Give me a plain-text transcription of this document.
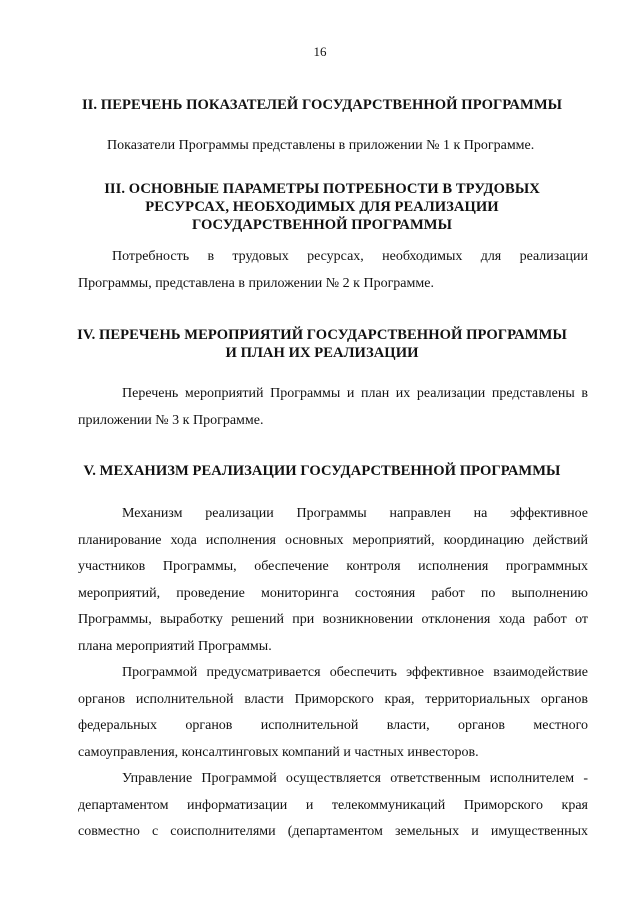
16
II. ПЕРЕЧЕНЬ ПОКАЗАТЕЛЕЙ ГОСУДАРСТВЕННОЙ ПРОГРАММЫ
Показатели Программы представлены в приложении № 1 к Программе.
III. ОСНОВНЫЕ ПАРАМЕТРЫ ПОТРЕБНОСТИ В ТРУДОВЫХ
РЕСУРСАХ, НЕОБХОДИМЫХ ДЛЯ РЕАЛИЗАЦИИ
ГОСУДАРСТВЕННОЙ ПРОГРАММЫ
Потребность в трудовых ресурсах, необходимых для реализации
Программы, представлена в приложении № 2 к Программе.
IV. ПЕРЕЧЕНЬ МЕРОПРИЯТИЙ ГОСУДАРСТВЕННОЙ ПРОГРАММЫ
И ПЛАН ИХ РЕАЛИЗАЦИИ
Перечень мероприятий Программы и план их реализации представлены в
приложении № 3 к Программе.
V. МЕХАНИЗМ РЕАЛИЗАЦИИ ГОСУДАРСТВЕННОЙ ПРОГРАММЫ
Механизм реализации Программы направлен на эффективное
планирование хода исполнения основных мероприятий, координацию действий
участников Программы, обеспечение контроля исполнения программных
мероприятий, проведение мониторинга состояния работ по выполнению
Программы, выработку решений при возникновении отклонения хода работ от
плана мероприятий Программы.
Программой предусматривается обеспечить эффективное взаимодействие
органов исполнительной власти Приморского края, территориальных органов
федеральных органов исполнительной власти, органов местного
самоуправления, консалтинговых компаний и частных инвесторов.
Управление Программой осуществляется ответственным исполнителем -
департаментом информатизации и телекоммуникаций Приморского края
совместно с соисполнителями (департаментом земельных и имущественных
